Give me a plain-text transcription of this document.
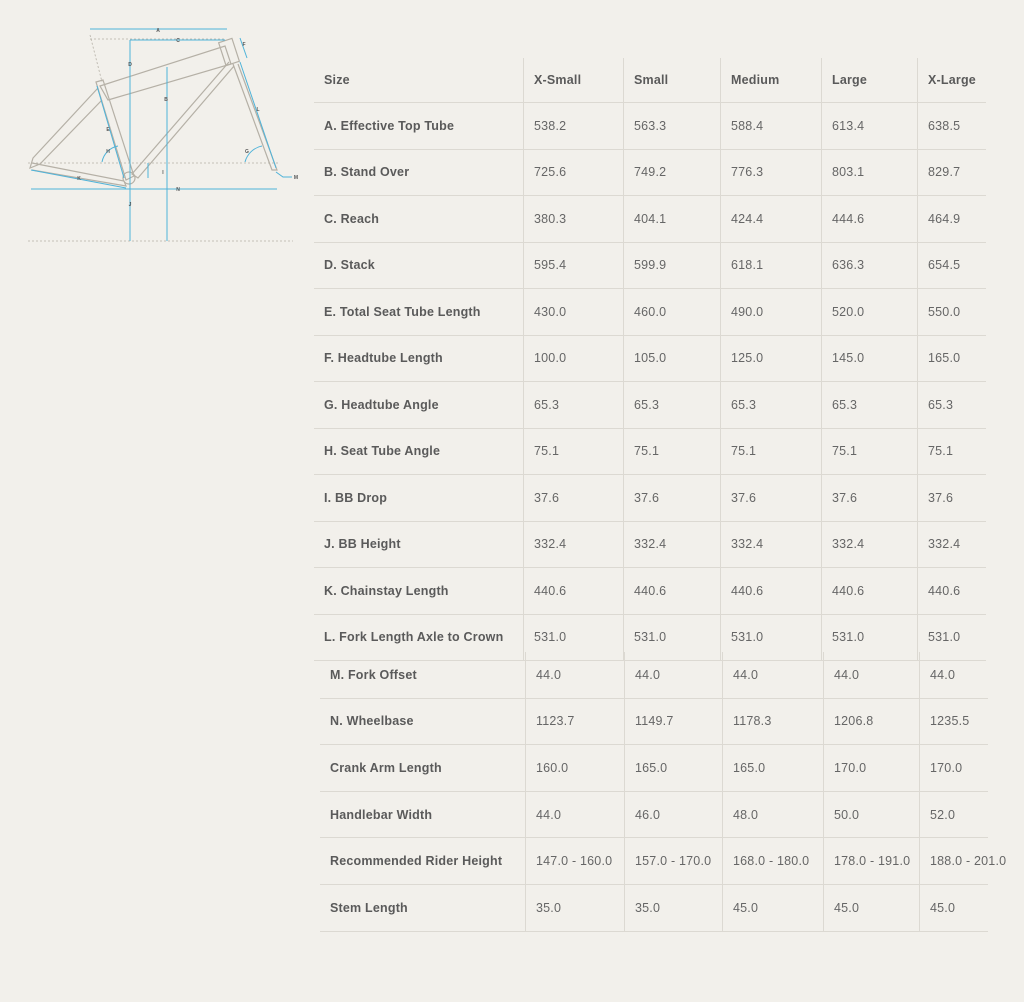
A
B
C
D
E
F
G
H
I
J
K
L
M
N
Size	X-Small	Small	Medium	Large	X-Large
A. Effective Top Tube	538.2	563.3	588.4	613.4	638.5
B. Stand Over	725.6	749.2	776.3	803.1	829.7
C. Reach	380.3	404.1	424.4	444.6	464.9
D. Stack	595.4	599.9	618.1	636.3	654.5
E. Total Seat Tube Length	430.0	460.0	490.0	520.0	550.0
F. Headtube Length	100.0	105.0	125.0	145.0	165.0
G. Headtube Angle	65.3	65.3	65.3	65.3	65.3
H. Seat Tube Angle	75.1	75.1	75.1	75.1	75.1
I. BB Drop	37.6	37.6	37.6	37.6	37.6
J. BB Height	332.4	332.4	332.4	332.4	332.4
K. Chainstay Length	440.6	440.6	440.6	440.6	440.6
L. Fork Length Axle to Crown	531.0	531.0	531.0	531.0	531.0
M. Fork Offset	44.0	44.0	44.0	44.0	44.0
N. Wheelbase	1123.7	1149.7	1178.3	1206.8	1235.5
Crank Arm Length	160.0	165.0	165.0	170.0	170.0
Handlebar Width	44.0	46.0	48.0	50.0	52.0
Recommended Rider Height	147.0 - 160.0	157.0 - 170.0	168.0 - 180.0	178.0 - 191.0	188.0 - 201.0
Stem Length	35.0	35.0	45.0	45.0	45.0
